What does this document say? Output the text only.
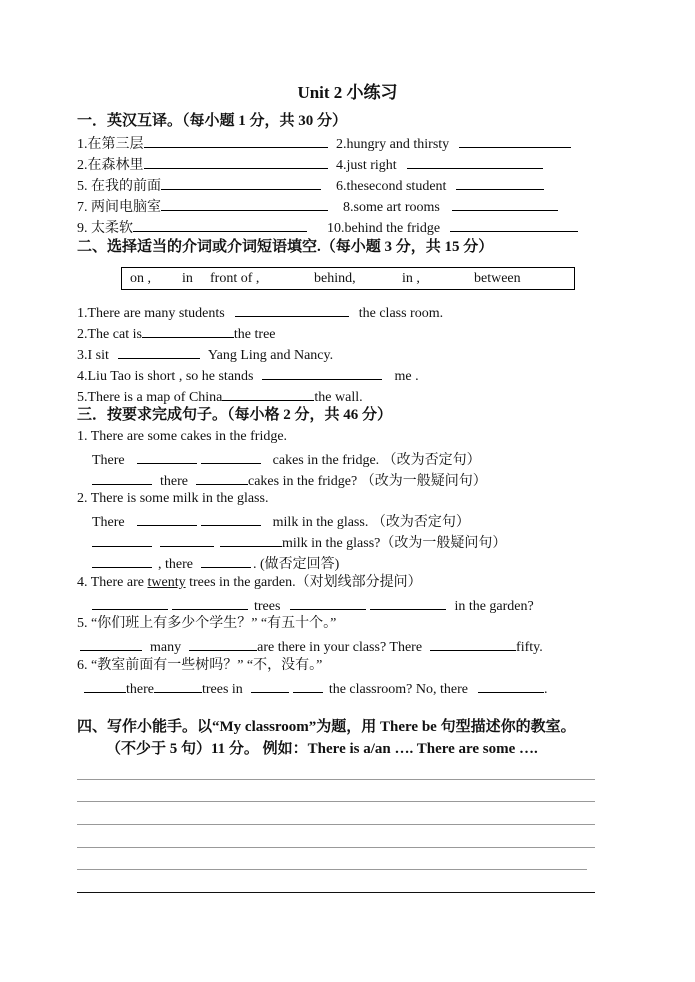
Unit 2 小练习
一．英汉互译。（每小题 1 分，共 30 分）
1.在第三层	2.hungry and thirsty
2.在森林里	4.just right
5. 在我的前面	6.thesecond student
7. 两间电脑室	8.some art rooms
9. 太柔软	10.behind the fridge
二、选择适当的介词或介词短语填空.（每小题 3 分，共 15 分）
on , in front of ,	behind,	in ,	between
1.There are many students	the class room.
2.The cat is	the tree
3.I sit	Yang Ling and Nancy.
4.Liu Tao is short , so he stands	me .
5.There is a map of China	the wall.
三．按要求完成句子。（每小格 2 分，共 46 分）
1. There are some cakes in the fridge.
There	cakes in the fridge. （改为否定句）
there	cakes in the fridge? （改为一般疑问句）
2. There is some milk in the glass.
There	milk in the glass. （改为否定句）
milk in the glass?（改为一般疑问句）
, there	. (做否定回答)
4. There are twenty trees in the garden.（对划线部分提问）
trees	in the garden?
5. “你们班上有多少个学生？” “有五十个。”
many	are there in your class? There	fifty.
6. “教室前面有一些树吗？” “不，没有。”
there	trees in	the classroom? No, there	.
四、写作小能手。以“My classroom”为题，用 There be 句型描述你的教室。
（不少于 5 句）11 分。 例如：There is a/an …. There are some ….
